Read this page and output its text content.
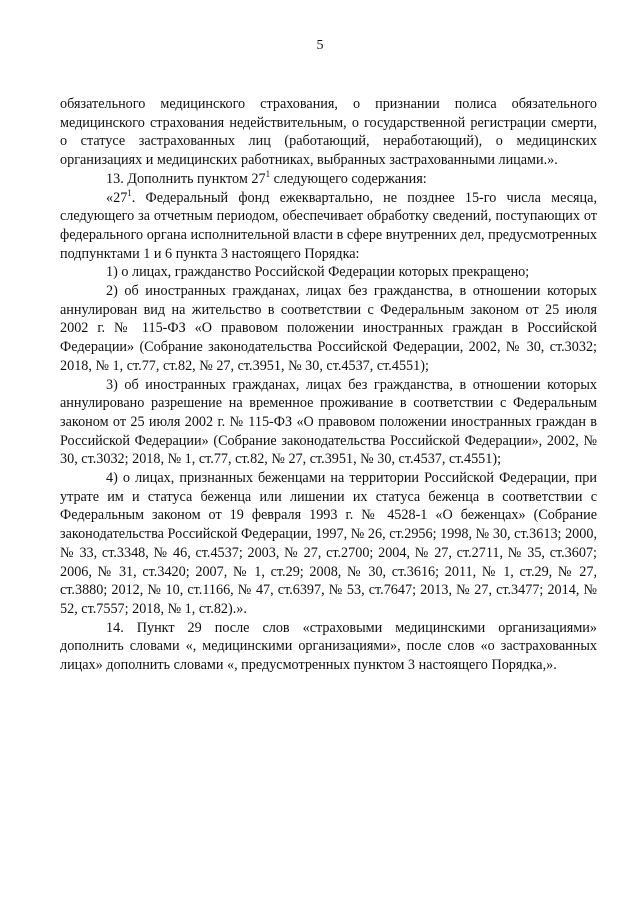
5

обязательного медицинского страхования, о признании полиса обязательного медицинского страхования недействительным, о государственной регистрации смерти, о статусе застрахованных лиц (работающий, неработающий), о медицинских организациях и медицинских работниках, выбранных застрахованными лицами.».

13. Дополнить пунктом $27^1$ следующего содержания:

«$27^1$. Федеральный фонд ежеквартально, не позднее 15-го числа месяца, следующего за отчетным периодом, обеспечивает обработку сведений, поступающих от федерального органа исполнительной власти в сфере внутренних дел, предусмотренных подпунктами 1 и 6 пункта 3 настоящего Порядка:

1) о лицах, гражданство Российской Федерации которых прекращено;

2) об иностранных гражданах, лицах без гражданства, в отношении которых аннулирован вид на жительство в соответствии с Федеральным законом от 25 июля 2002 г. № 115-ФЗ «О правовом положении иностранных граждан в Российской Федерации» (Собрание законодательства Российской Федерации, 2002, № 30, ст.3032; 2018, № 1, ст.77, ст.82, № 27, ст.3951, № 30, ст.4537, ст.4551);

3) об иностранных гражданах, лицах без гражданства, в отношении которых аннулировано разрешение на временное проживание в соответствии с Федеральным законом от 25 июля 2002 г. № 115-ФЗ «О правовом положении иностранных граждан в Российской Федерации» (Собрание законодательства Российской Федерации», 2002, № 30, ст.3032; 2018, № 1, ст.77, ст.82, № 27, ст.3951, № 30, ст.4537, ст.4551);

4) о лицах, признанных беженцами на территории Российской Федерации, при утрате им и статуса беженца или лишении их статуса беженца в соответствии с Федеральным законом от 19 февраля 1993 г. № 4528-1 «О беженцах» (Собрание законодательства Российской Федерации, 1997, № 26, ст.2956; 1998, № 30, ст.3613; 2000, № 33, ст.3348, № 46, ст.4537; 2003, № 27, ст.2700; 2004, № 27, ст.2711, № 35, ст.3607; 2006, № 31, ст.3420; 2007, № 1, ст.29; 2008, № 30, ст.3616; 2011, № 1, ст.29, № 27, ст.3880; 2012, № 10, ст.1166, № 47, ст.6397, № 53, ст.7647; 2013, № 27, ст.3477; 2014, № 52, ст.7557; 2018, № 1, ст.82).».

14. Пункт 29 после слов «страховыми медицинскими организациями» дополнить словами «, медицинскими организациями», после слов «о застрахованных лицах» дополнить словами «, предусмотренных пунктом 3 настоящего Порядка,».
